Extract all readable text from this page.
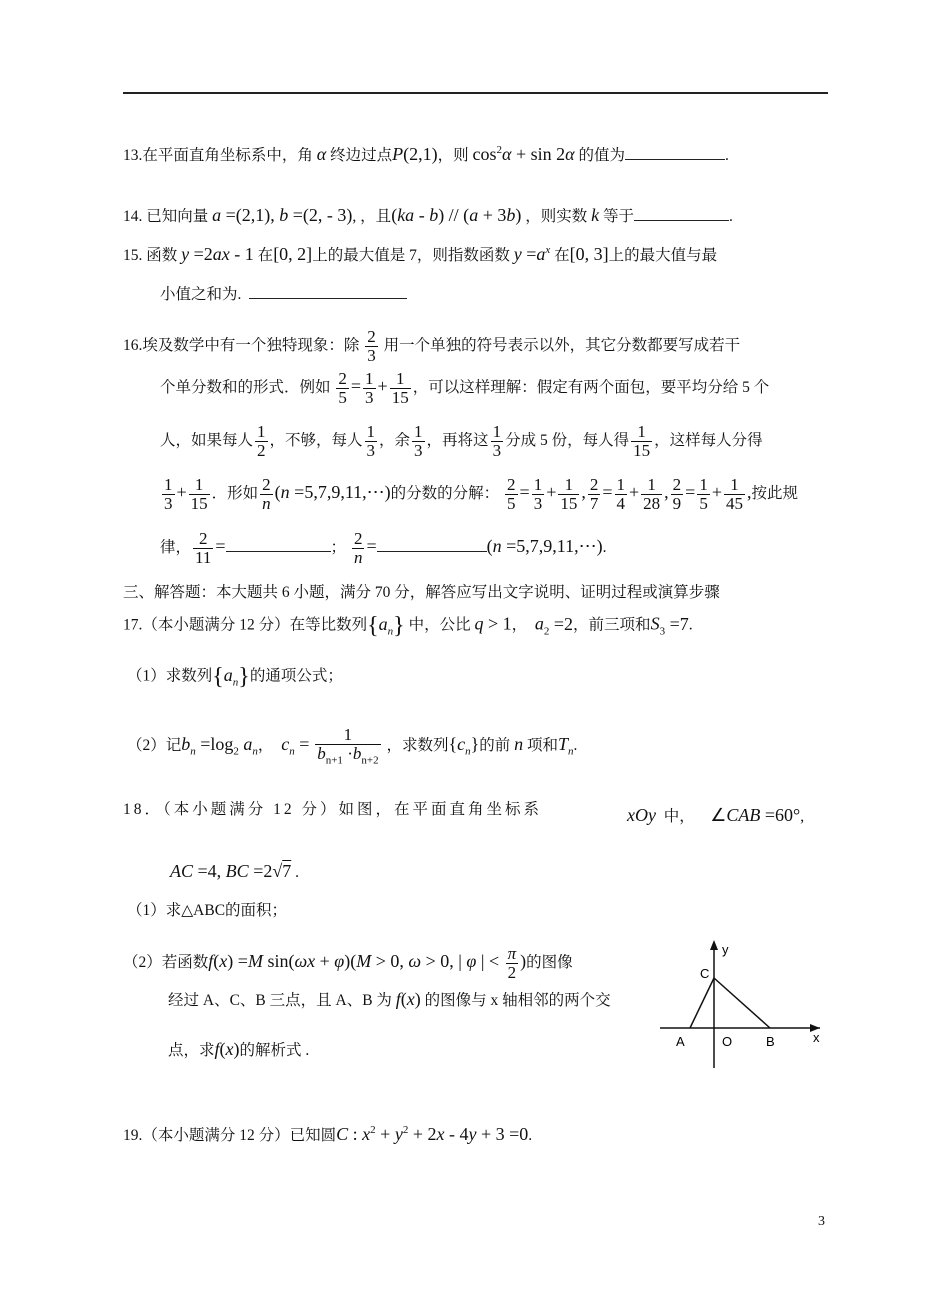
13.在平面直角坐标系中，角 α 终边过点P(2,1)，则 $\cos^2\alpha + \sin 2\alpha$ 的值为	.
14. 已知向量 a =(2,1), b =(2, - 3), ，且(ka - b) // (a + 3b) ，则实数 k 等于	.
15. 函数 y =2ax - 1 在[0, 2]上的最大值是 7，则指数函数 $y =a^x$ 在[0, 3]上的最大值与最
小值之和为.
16.埃及数学中有一个独特现象：除 $\frac{2}{3}$ 用一个单独的符号表示以外，其它分数都要写成若干
个单分数和的形式．例如 $\frac{2}{5} = \frac{1}{3} + \frac{1}{15}$ ，可以这样理解：假定有两个面包，要平均分给 5 个
人，如果每人 $\frac{1}{2}$ ，不够，每人 $\frac{1}{3}$ ，余 $\frac{1}{3}$ ，再将这 $\frac{1}{3}$ 分成 5 份，每人得 $\frac{1}{15}$ ，这样每人分得
$\frac{1}{3} + \frac{1}{15}$ ．形如 $\frac{2}{n} (n$ =5,7,9,11,⋯)的分数的分解： $\frac{2}{5} = \frac{1}{3} + \frac{1}{15}$ , $\frac{2}{7} = \frac{1}{4} + \frac{1}{28}$ , $\frac{2}{9} = \frac{1}{5} + \frac{1}{45}$ ,按此规
律， $\frac{2}{11}$ =	； $\frac{2}{n}$ =	(n =5,7,9,11,⋯).
三、解答题：本大题共 6 小题，满分 70 分，解答应写出文字说明、证明过程或演算步骤
17.（本小题满分 12 分）在等比数列$\{a_n\}$ 中，公比 q > 1， $a_2 =2$，前三项和$S_3 =7$.
（1）求数列$\{a_n\}$的通项公式；
（2）记$b_n =\log_2$ $a_n$， $c_n = \frac{1}{b_{n+1} \cdot b_{n+2}}$ ，求数列$\{c_n\}$的前 n 项和$T_n$.
18．（本小题满分 12 分）如图，在平面直角坐标系	xOy 中， ∠CAB =60°,
AC =4, BC =2√7 .
（1）求△ABC的面积；
（2）若函数f(x) =M sin(ωx + φ)(M > 0, ω > 0, | φ | < $\frac{\pi}{2}$ )的图像
经过 A、C、B 三点，且 A、B 为 f(x) 的图像与 x 轴相邻的两个交
点，求f(x)的解析式 .
y
C
A	O	B	x
19.（本小题满分 12 分）已知圆C : $x^2 + y^2 + 2x - 4y + 3 =0$.
3
